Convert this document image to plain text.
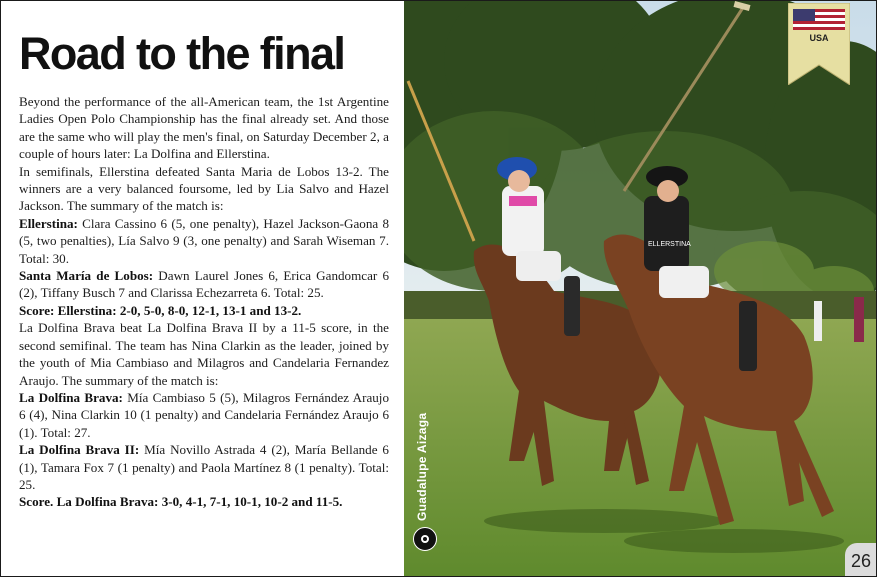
Road to the final

Beyond the performance of the all-American team, the 1st Argentine Ladies Open Polo Championship has the final already set. And those are the same who will play the men's final, on Saturday December 2, a couple of hours later: La Dolfina and Ellerstina.

In semifinals, Ellerstina defeated Santa Maria de Lobos 13-2. The winners are a very balanced foursome, led by Lia Salvo and Hazel Jackson. The summary of the match is:

Ellerstina: Clara Cassino 6 (5, one penalty), Hazel Jackson-Gaona 8 (5, two penalties), Lía Salvo 9 (3, one penalty) and Sarah Wiseman 7. Total: 30.

Santa María de Lobos: Dawn Laurel Jones 6, Erica Gandomcar 6 (2), Tiffany Busch 7 and Clarissa Echezarreta 6. Total: 25.

Score: Ellerstina: 2-0, 5-0, 8-0, 12-1, 13-1 and 13-2.

La Dolfina Brava beat La Dolfina Brava II by a 11-5 score, in the second semifinal. The team has Nina Clarkin as the leader, joined by the youth of Mia Cambiaso and Milagros and Candelaria Fernandez Araujo. The summary of the match is:

La Dolfina Brava: Mía Cambiaso 5 (5), Milagros Fernández Araujo 6 (4), Nina Clarkin 10 (1 penalty) and Candelaria Fernández Araujo 6 (1). Total: 27.

La Dolfina Brava II: Mía Novillo Astrada 4 (2), María Bellande 6 (1), Tamara Fox 7 (1 penalty) and Paola Martínez 8 (1 penalty). Total: 25.

Score. La Dolfina Brava: 3-0, 4-1, 7-1, 10-1, 10-2 and 11-5.

ELLERSTINA
Guadalupe Aizaga
USA
26
